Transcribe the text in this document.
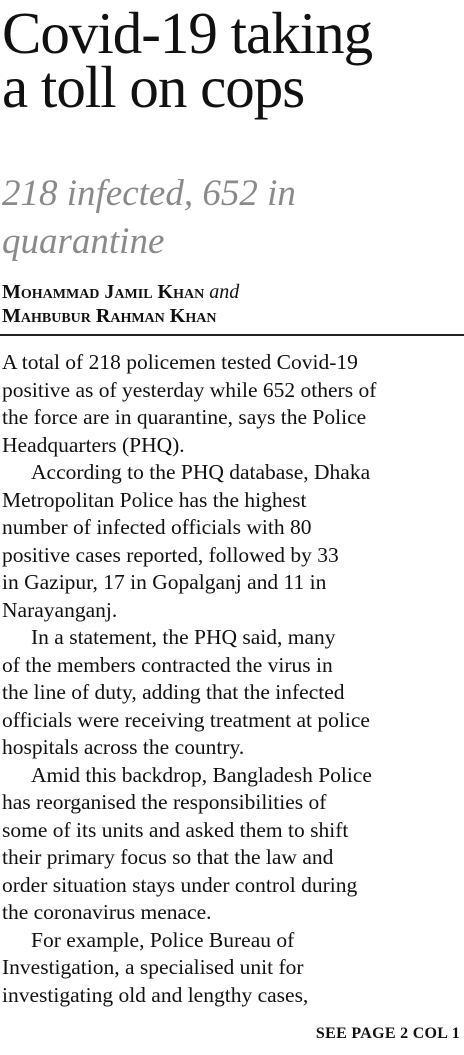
Covid-19 taking
a toll on cops
218 infected, 652 in
quarantine
Mohammad Jamil Khan and
Mahbubur Rahman Khan
A total of 218 policemen tested Covid-19
positive as of yesterday while 652 others of
the force are in quarantine, says the Police
Headquarters (PHQ).
According to the PHQ database, Dhaka
Metropolitan Police has the highest
number of infected officials with 80
positive cases reported, followed by 33
in Gazipur, 17 in Gopalganj and 11 in
Narayanganj.
In a statement, the PHQ said, many
of the members contracted the virus in
the line of duty, adding that the infected
officials were receiving treatment at police
hospitals across the country.
Amid this backdrop, Bangladesh Police
has reorganised the responsibilities of
some of its units and asked them to shift
their primary focus so that the law and
order situation stays under control during
the coronavirus menace.
For example, Police Bureau of
Investigation, a specialised unit for
investigating old and lengthy cases,
SEE PAGE 2 COL 1
